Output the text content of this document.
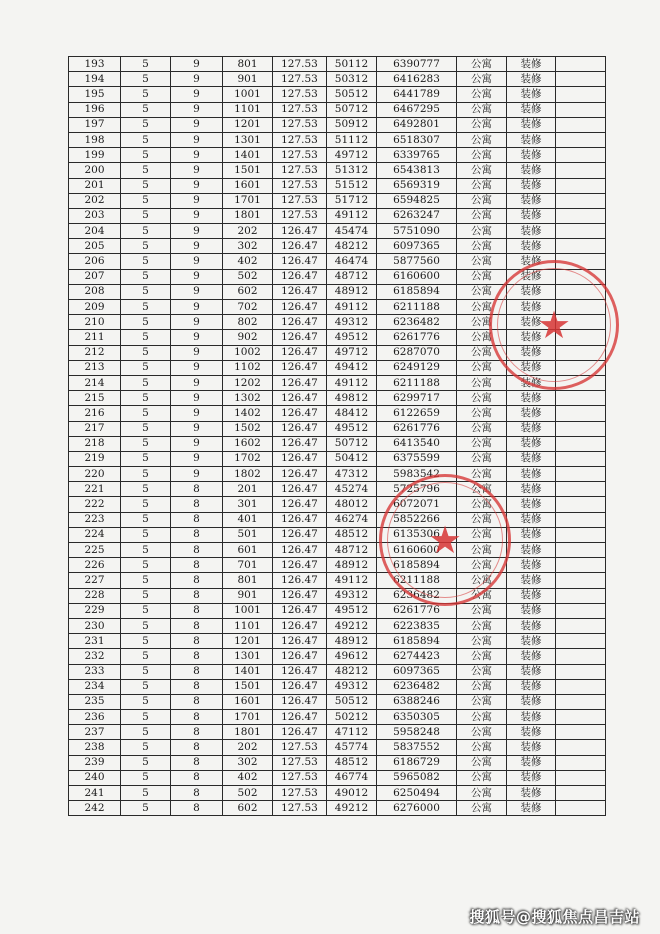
193	5	9	801	127.53	50112	6390777	公寓	装修	
194	5	9	901	127.53	50312	6416283	公寓	装修	
195	5	9	1001	127.53	50512	6441789	公寓	装修	
196	5	9	1101	127.53	50712	6467295	公寓	装修	
197	5	9	1201	127.53	50912	6492801	公寓	装修	
198	5	9	1301	127.53	51112	6518307	公寓	装修	
199	5	9	1401	127.53	49712	6339765	公寓	装修	
200	5	9	1501	127.53	51312	6543813	公寓	装修	
201	5	9	1601	127.53	51512	6569319	公寓	装修	
202	5	9	1701	127.53	51712	6594825	公寓	装修	
203	5	9	1801	127.53	49112	6263247	公寓	装修	
204	5	9	202	126.47	45474	5751090	公寓	装修	
205	5	9	302	126.47	48212	6097365	公寓	装修	
206	5	9	402	126.47	46474	5877560	公寓	装修	
207	5	9	502	126.47	48712	6160600	公寓	装修	
208	5	9	602	126.47	48912	6185894	公寓	装修	
209	5	9	702	126.47	49112	6211188	公寓	装修	
210	5	9	802	126.47	49312	6236482	公寓	装修	
211	5	9	902	126.47	49512	6261776	公寓	装修	
212	5	9	1002	126.47	49712	6287070	公寓	装修	
213	5	9	1102	126.47	49412	6249129	公寓	装修	
214	5	9	1202	126.47	49112	6211188	公寓	装修	
215	5	9	1302	126.47	49812	6299717	公寓	装修	
216	5	9	1402	126.47	48412	6122659	公寓	装修	
217	5	9	1502	126.47	49512	6261776	公寓	装修	
218	5	9	1602	126.47	50712	6413540	公寓	装修	
219	5	9	1702	126.47	50412	6375599	公寓	装修	
220	5	9	1802	126.47	47312	5983542	公寓	装修	
221	5	8	201	126.47	45274	5725796	公寓	装修	
222	5	8	301	126.47	48012	6072071	公寓	装修	
223	5	8	401	126.47	46274	5852266	公寓	装修	
224	5	8	501	126.47	48512	6135306	公寓	装修	
225	5	8	601	126.47	48712	6160600	公寓	装修	
226	5	8	701	126.47	48912	6185894	公寓	装修	
227	5	8	801	126.47	49112	6211188	公寓	装修	
228	5	8	901	126.47	49312	6236482	公寓	装修	
229	5	8	1001	126.47	49512	6261776	公寓	装修	
230	5	8	1101	126.47	49212	6223835	公寓	装修	
231	5	8	1201	126.47	48912	6185894	公寓	装修	
232	5	8	1301	126.47	49612	6274423	公寓	装修	
233	5	8	1401	126.47	48212	6097365	公寓	装修	
234	5	8	1501	126.47	49312	6236482	公寓	装修	
235	5	8	1601	126.47	50512	6388246	公寓	装修	
236	5	8	1701	126.47	50212	6350305	公寓	装修	
237	5	8	1801	126.47	47112	5958248	公寓	装修	
238	5	8	202	127.53	45774	5837552	公寓	装修	
239	5	8	302	127.53	48512	6186729	公寓	装修	
240	5	8	402	127.53	46774	5965082	公寓	装修	
241	5	8	502	127.53	49012	6250494	公寓	装修	
242	5	8	602	127.53	49212	6276000	公寓	装修	
★
★
搜狐号@搜狐焦点昌吉站
